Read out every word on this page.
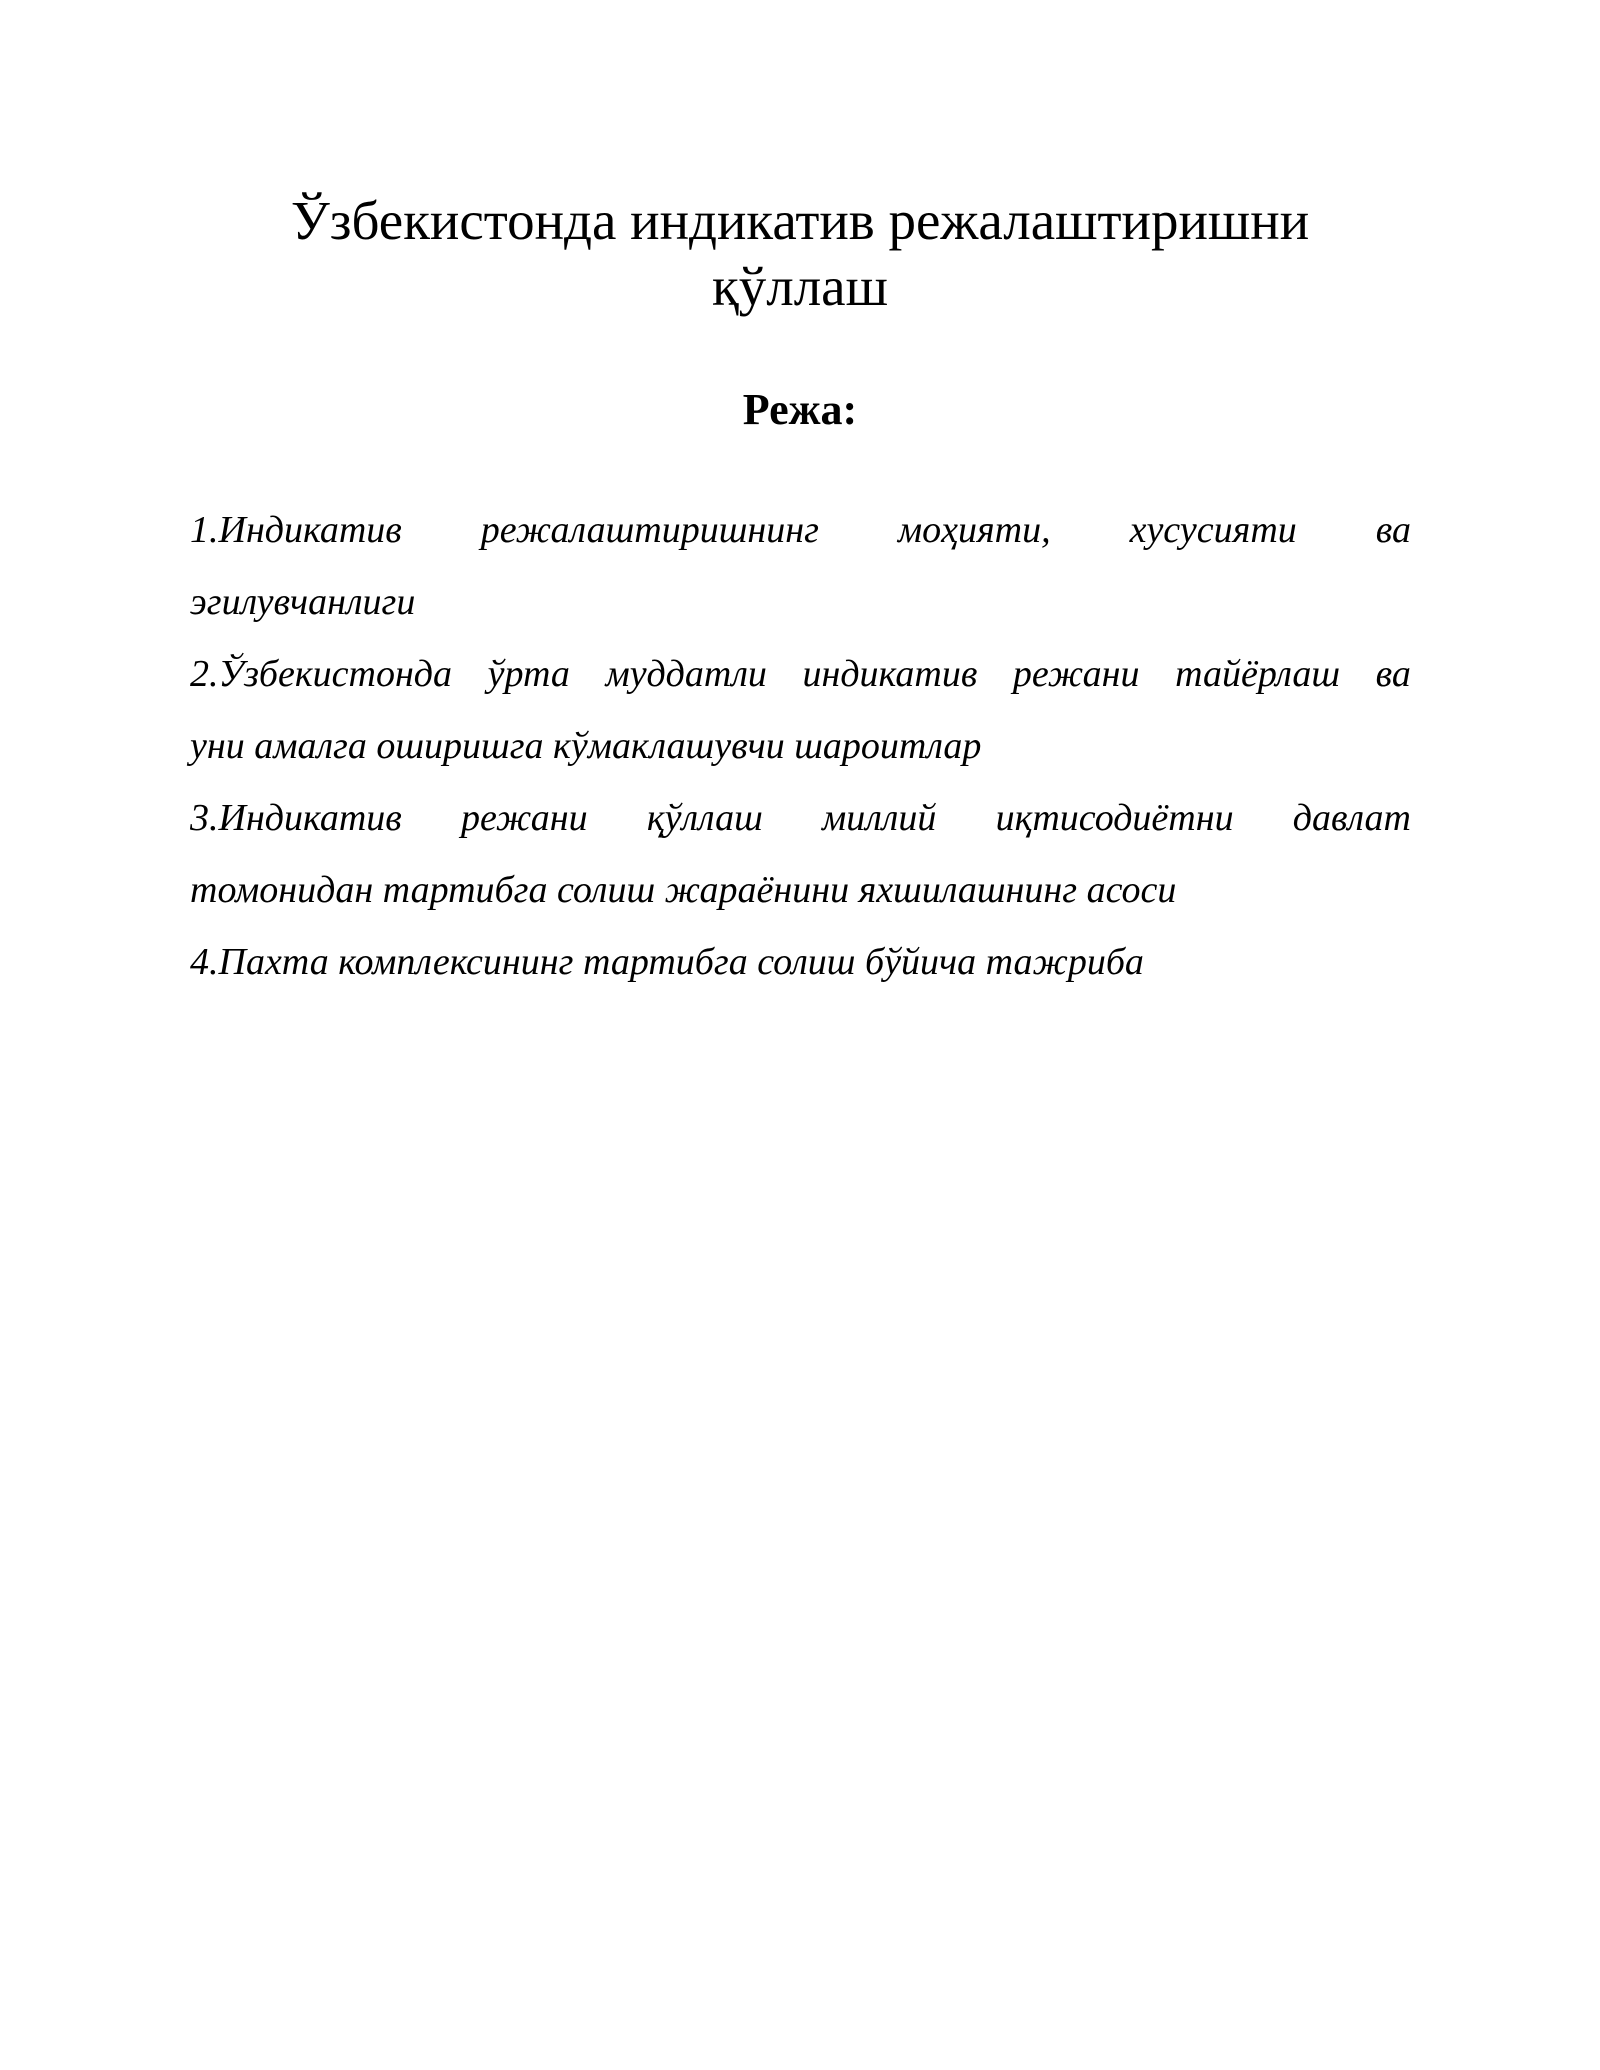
Ўзбекистонда индикатив режалаштиришни
қўллаш
Режа:
1.Индикатив режалаштиришнинг моҳияти, хусусияти ва
эгилувчанлиги
2.Ўзбекистонда ўрта муддатли индикатив режани тайёрлаш ва
уни амалга оширишга кўмаклашувчи шароитлар
3.Индикатив режани қўллаш миллий иқтисодиётни давлат
томонидан тартибга солиш жараёнини яхшилашнинг асоси
4.Пахта комплексининг тартибга солиш бўйича тажриба
